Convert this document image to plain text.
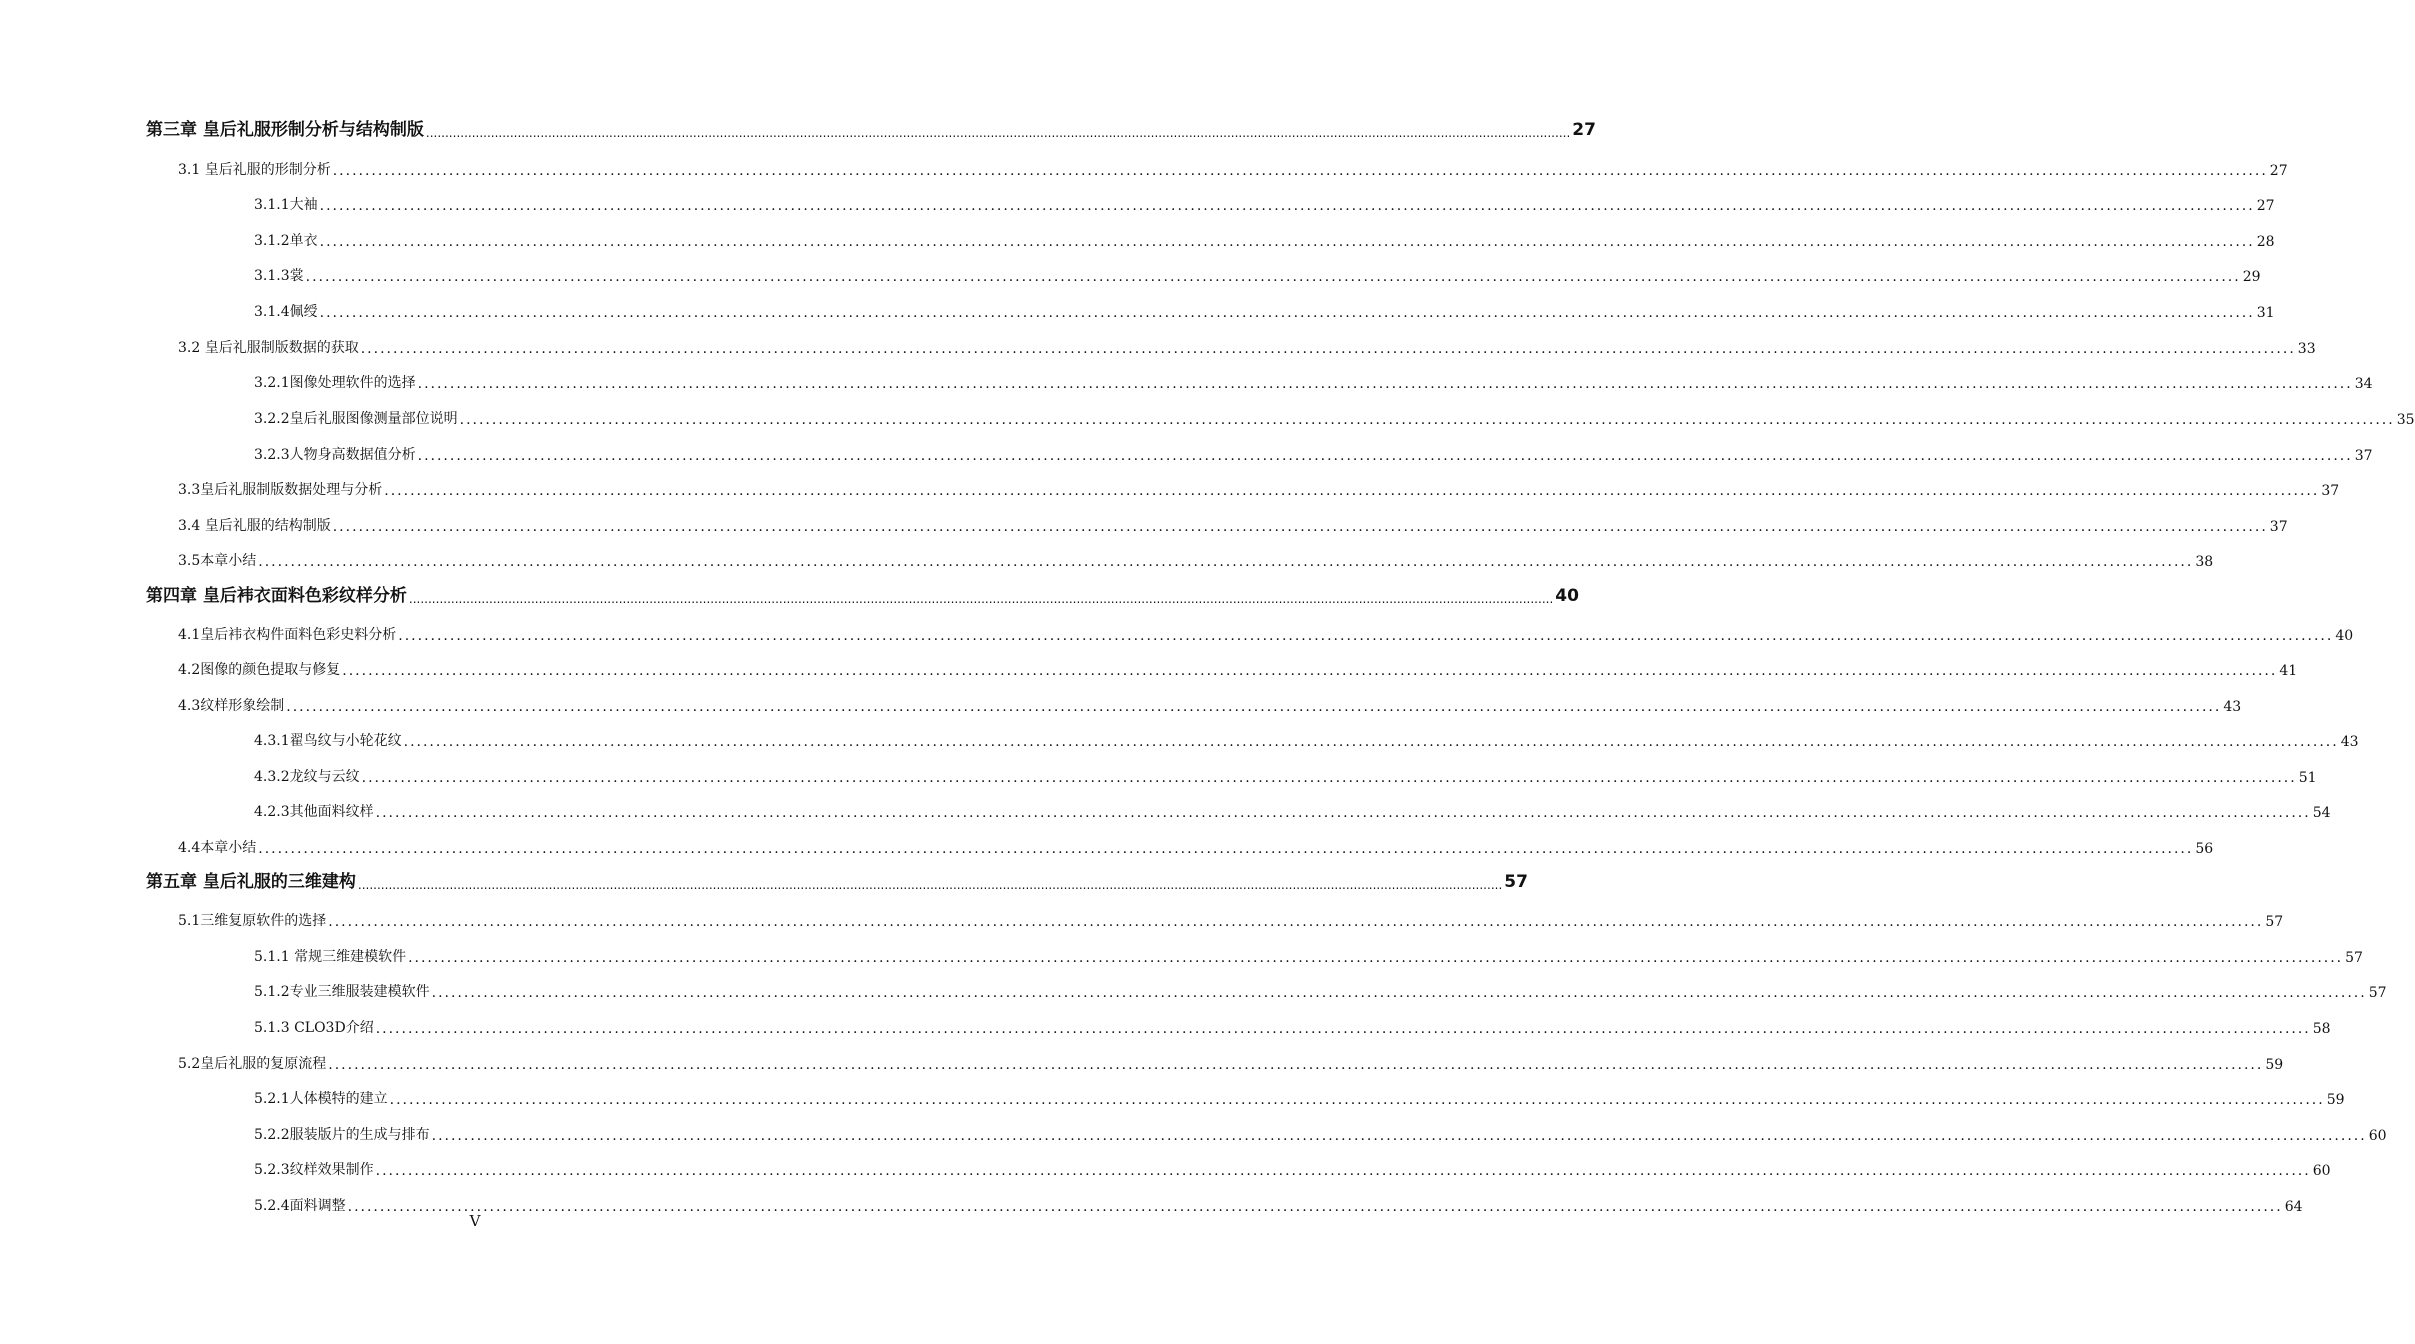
第三章 皇后礼服形制分析与结构制版 ............................................................................................................................................................................................................................................................................................................ 27
3.1 皇后礼服的形制分析 ............................................................................................................................................................................................................................................................................................................ 27
3.1.1大袖 ............................................................................................................................................................................................................................................................................................................ 27
3.1.2单衣 ............................................................................................................................................................................................................................................................................................................ 28
3.1.3裳 ............................................................................................................................................................................................................................................................................................................ 29
3.1.4佩绶 ............................................................................................................................................................................................................................................................................................................ 31
3.2 皇后礼服制版数据的获取 ............................................................................................................................................................................................................................................................................................................ 33
3.2.1图像处理软件的选择 ............................................................................................................................................................................................................................................................................................................ 34
3.2.2皇后礼服图像测量部位说明 ............................................................................................................................................................................................................................................................................................................ 35
3.2.3人物身高数据值分析 ............................................................................................................................................................................................................................................................................................................ 37
3.3皇后礼服制版数据处理与分析 ............................................................................................................................................................................................................................................................................................................ 37
3.4 皇后礼服的结构制版 ............................................................................................................................................................................................................................................................................................................ 37
3.5本章小结 ............................................................................................................................................................................................................................................................................................................ 38
第四章 皇后袆衣面料色彩纹样分析 ............................................................................................................................................................................................................................................................................................................ 40
4.1皇后袆衣构件面料色彩史料分析 ............................................................................................................................................................................................................................................................................................................ 40
4.2图像的颜色提取与修复 ............................................................................................................................................................................................................................................................................................................ 41
4.3纹样形象绘制 ............................................................................................................................................................................................................................................................................................................ 43
4.3.1翟鸟纹与小轮花纹 ............................................................................................................................................................................................................................................................................................................ 43
4.3.2龙纹与云纹 ............................................................................................................................................................................................................................................................................................................ 51
4.2.3其他面料纹样 ............................................................................................................................................................................................................................................................................................................ 54
4.4本章小结 ............................................................................................................................................................................................................................................................................................................ 56
第五章 皇后礼服的三维建构 ............................................................................................................................................................................................................................................................................................................ 57
5.1三维复原软件的选择 ............................................................................................................................................................................................................................................................................................................ 57
5.1.1 常规三维建模软件 ............................................................................................................................................................................................................................................................................................................ 57
5.1.2专业三维服装建模软件 ............................................................................................................................................................................................................................................................................................................ 57
5.1.3 CLO3D介绍 ............................................................................................................................................................................................................................................................................................................ 58
5.2皇后礼服的复原流程 ............................................................................................................................................................................................................................................................................................................ 59
5.2.1人体模特的建立 ............................................................................................................................................................................................................................................................................................................ 59
5.2.2服装版片的生成与排布 ............................................................................................................................................................................................................................................................................................................ 60
5.2.3纹样效果制作 ............................................................................................................................................................................................................................................................................................................ 60
5.2.4面料调整 ............................................................................................................................................................................................................................................................................................................ 64
V
